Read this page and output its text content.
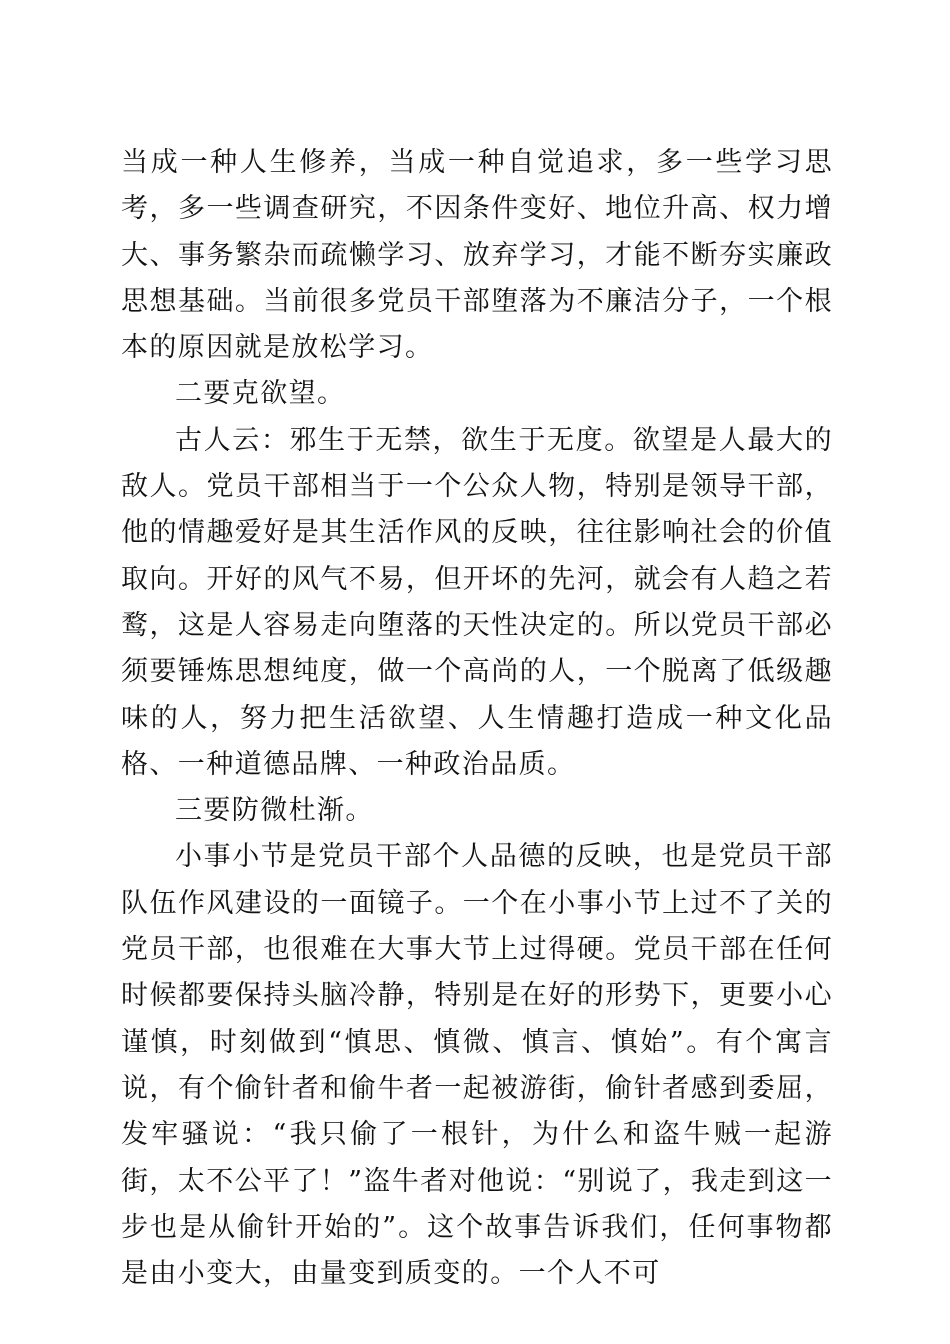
当成一种人生修养，当成一种自觉追求，多一些学习思考，多一些调查研究，不因条件变好、地位升高、权力增大、事务繁杂而疏懒学习、放弃学习，才能不断夯实廉政思想基础。当前很多党员干部堕落为不廉洁分子，一个根本的原因就是放松学习。

二要克欲望。

古人云：邪生于无禁，欲生于无度。欲望是人最大的敌人。党员干部相当于一个公众人物，特别是领导干部，他的情趣爱好是其生活作风的反映，往往影响社会的价值取向。开好的风气不易，但开坏的先河，就会有人趋之若鹜，这是人容易走向堕落的天性决定的。所以党员干部必须要锤炼思想纯度，做一个高尚的人，一个脱离了低级趣味的人，努力把生活欲望、人生情趣打造成一种文化品格、一种道德品牌、一种政治品质。

三要防微杜渐。

小事小节是党员干部个人品德的反映，也是党员干部队伍作风建设的一面镜子。一个在小事小节上过不了关的党员干部，也很难在大事大节上过得硬。党员干部在任何时候都要保持头脑冷静，特别是在好的形势下，更要小心谨慎，时刻做到“慎思、慎微、慎言、慎始”。有个寓言说，有个偷针者和偷牛者一起被游街，偷针者感到委屈，发牢骚说：“我只偷了一根针，为什么和盗牛贼一起游街，太不公平了！”盗牛者对他说：“别说了，我走到这一步也是从偷针开始的”。这个故事告诉我们，任何事物都是由小变大，由量变到质变的。一个人不可
